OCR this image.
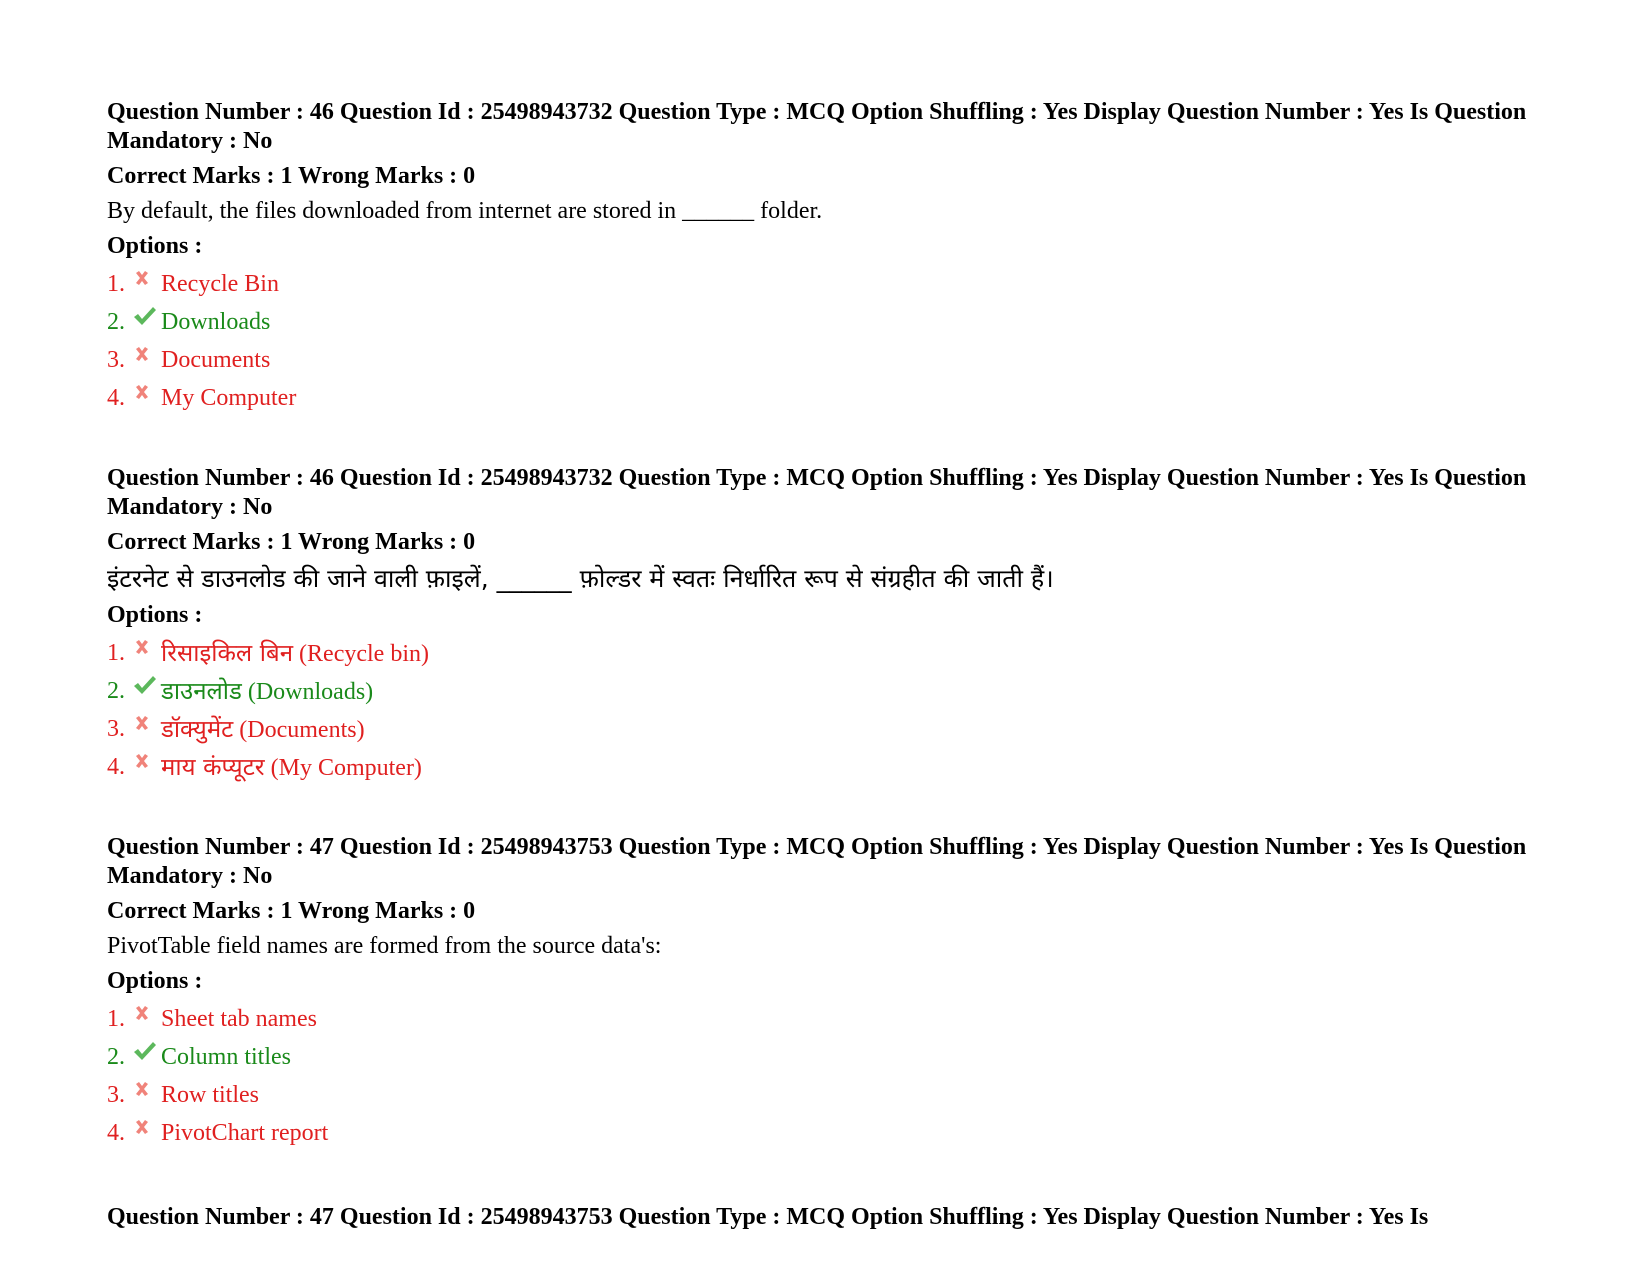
Question Number : 46 Question Id : 25498943732 Question Type : MCQ Option Shuffling : Yes Display Question Number : Yes Is Question Mandatory : No
Correct Marks : 1 Wrong Marks : 0
By default, the files downloaded from internet are stored in ______ folder.
Options :
1.	Recycle Bin
2.	Downloads
3.	Documents
4.	My Computer
Question Number : 46 Question Id : 25498943732 Question Type : MCQ Option Shuffling : Yes Display Question Number : Yes Is Question Mandatory : No
Correct Marks : 1 Wrong Marks : 0
इंटरनेट से डाउनलोड की जाने वाली फ़ाइलें, ______ फ़ोल्डर में स्वतः निर्धारित रूप से संग्रहीत की जाती हैं।
Options :
1.	रिसाइकिल बिन (Recycle bin)
2.	डाउनलोड (Downloads)
3.	डॉक्युमेंट (Documents)
4.	माय कंप्यूटर (My Computer)
Question Number : 47 Question Id : 25498943753 Question Type : MCQ Option Shuffling : Yes Display Question Number : Yes Is Question Mandatory : No
Correct Marks : 1 Wrong Marks : 0
PivotTable field names are formed from the source data's:
Options :
1.	Sheet tab names
2.	Column titles
3.	Row titles
4.	PivotChart report
Question Number : 47 Question Id : 25498943753 Question Type : MCQ Option Shuffling : Yes Display Question Number : Yes Is
